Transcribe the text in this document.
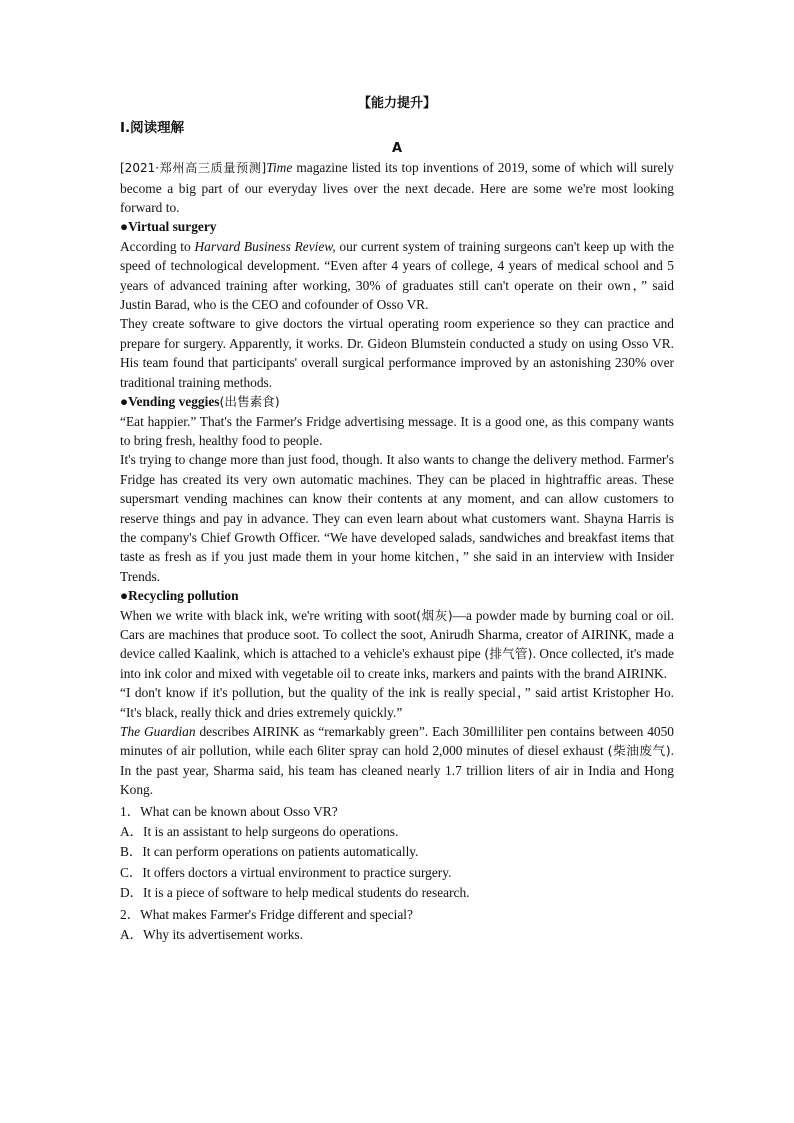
【能力提升】
Ⅰ.阅读理解
A

[2021·郑州高三质量预测]Time magazine listed its top inventions of 2019, some of which will surely become a big part of our everyday lives over the next decade. Here are some we're most looking forward to.

●Virtual surgery

According to Harvard Business Review, our current system of training surgeons can't keep up with the speed of technological development. “Even after 4 years of college, 4 years of medical school and 5 years of advanced training after working, 30% of graduates still can't operate on their own，” said Justin Barad, who is the CEO and cofounder of Osso VR.

They create software to give doctors the virtual operating room experience so they can practice and prepare for surgery. Apparently, it works. Dr. Gideon Blumstein conducted a study on using Osso VR. His team found that participants' overall surgical performance improved by an astonishing 230% over traditional training methods.

●Vending veggies(出售素食)

“Eat happier.” That's the Farmer's Fridge advertising message. It is a good one, as this company wants to bring fresh, healthy food to people.

It's trying to change more than just food, though. It also wants to change the delivery method. Farmer's Fridge has created its very own automatic machines. They can be placed in hightraffic areas. These supersmart vending machines can know their contents at any moment, and can allow customers to reserve things and pay in advance. They can even learn about what customers want. Shayna Harris is the company's Chief Growth Officer. “We have developed salads, sandwiches and breakfast items that taste as fresh as if you just made them in your home kitchen，” she said in an interview with Insider Trends.

●Recycling pollution

When we write with black ink, we're writing with soot(烟灰)—a powder made by burning coal or oil. Cars are machines that produce soot. To collect the soot, Anirudh Sharma, creator of AIRINK, made a device called Kaalink, which is attached to a vehicle's exhaust pipe (排气管). Once collected, it's made into ink color and mixed with vegetable oil to create inks, markers and paints with the brand AIRINK.

“I don't know if it's pollution, but the quality of the ink is really special，” said artist Kristopher Ho. “It's black, really thick and dries extremely quickly.”

The Guardian describes AIRINK as “remarkably green”. Each 30milliliter pen contains between 4050 minutes of air pollution, while each 6liter spray can hold 2,000 minutes of diesel exhaust (柴油废气). In the past year, Sharma said, his team has cleaned nearly 1.7 trillion liters of air in India and Hong Kong.

1．What can be known about Osso VR?
A．It is an assistant to help surgeons do operations.
B．It can perform operations on patients automatically.
C．It offers doctors a virtual environment to practice surgery.
D．It is a piece of software to help medical students do research.
2．What makes Farmer's Fridge different and special?
A．Why its advertisement works.
